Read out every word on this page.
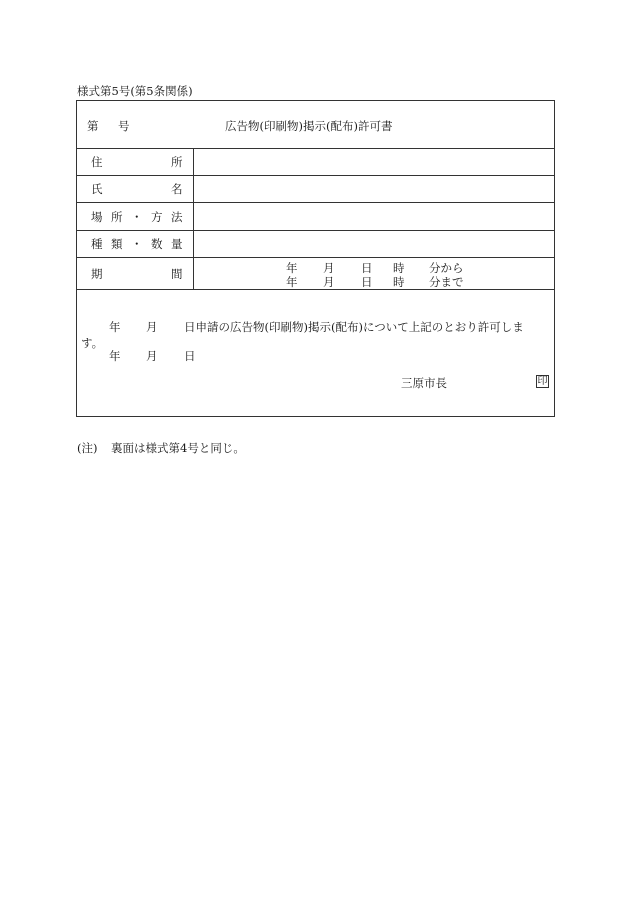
様式第5号(第5条関係)
第 号	広告物(印刷物)掲示(配布)許可書
住	所
氏	名
場 所 ・ 方 法
種 類 ・ 数 量
期	間	年 月 日 時 分から
年 月 日 時 分まで
年 月 日申請の広告物(印刷物)掲示(配布)について上記のとおり許可しま
す。
年 月 日
三原市長	印
(注) 裏面は様式第4号と同じ。
